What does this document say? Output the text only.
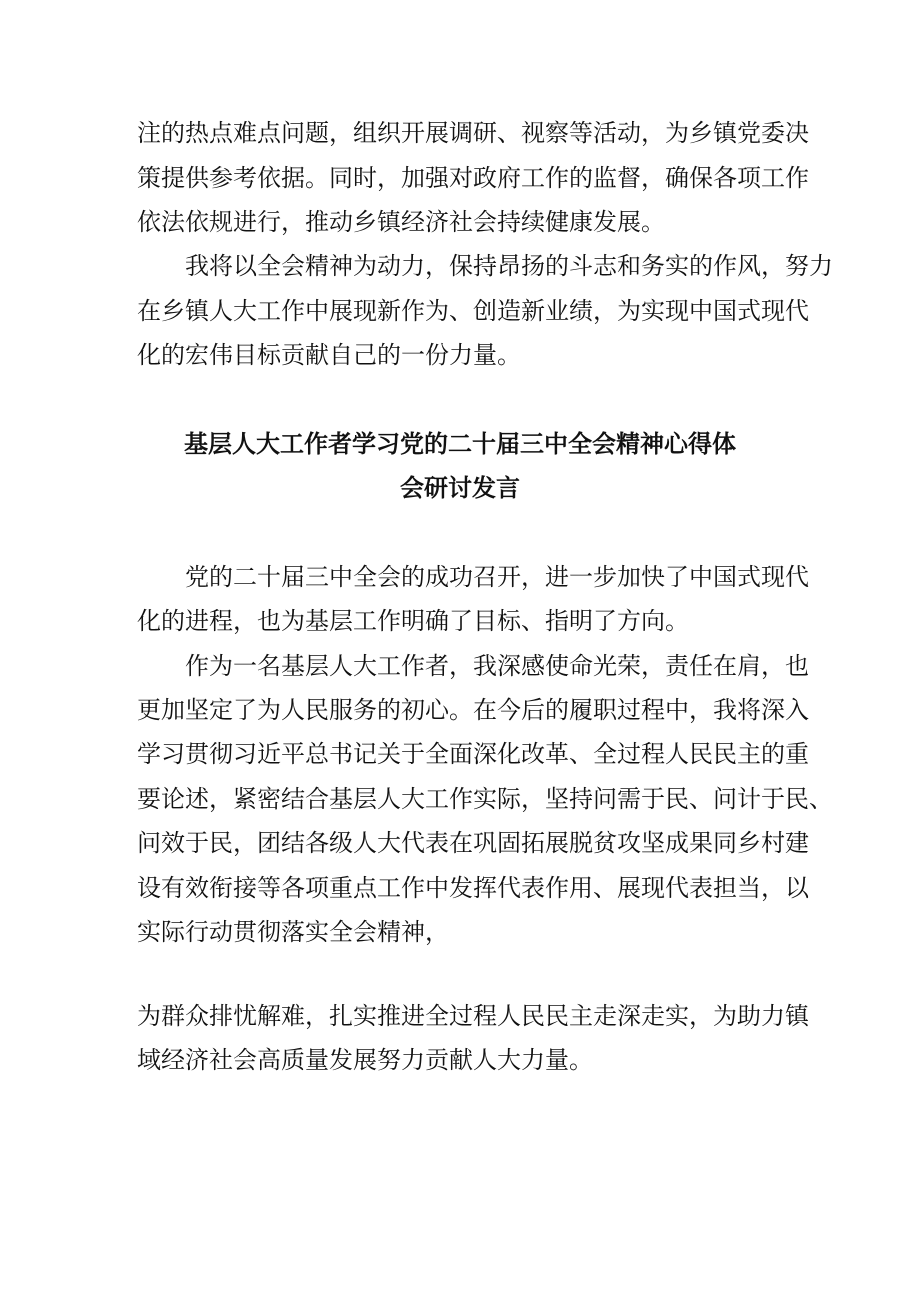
注的热点难点问题，组织开展调研、视察等活动，为乡镇党委决
策提供参考依据。同时，加强对政府工作的监督，确保各项工作
依法依规进行，推动乡镇经济社会持续健康发展。
我将以全会精神为动力，保持昂扬的斗志和务实的作风，努力
在乡镇人大工作中展现新作为、创造新业绩，为实现中国式现代
化的宏伟目标贡献自己的一份力量。
基层人大工作者学习党的二十届三中全会精神心得体
会研讨发言
党的二十届三中全会的成功召开，进一步加快了中国式现代
化的进程，也为基层工作明确了目标、指明了方向。
作为一名基层人大工作者，我深感使命光荣，责任在肩，也
更加坚定了为人民服务的初心。在今后的履职过程中，我将深入
学习贯彻习近平总书记关于全面深化改革、全过程人民民主的重
要论述，紧密结合基层人大工作实际，坚持问需于民、问计于民、
问效于民，团结各级人大代表在巩固拓展脱贫攻坚成果同乡村建
设有效衔接等各项重点工作中发挥代表作用、展现代表担当，以
实际行动贯彻落实全会精神，
为群众排忧解难，扎实推进全过程人民民主走深走实，为助力镇
域经济社会高质量发展努力贡献人大力量。
